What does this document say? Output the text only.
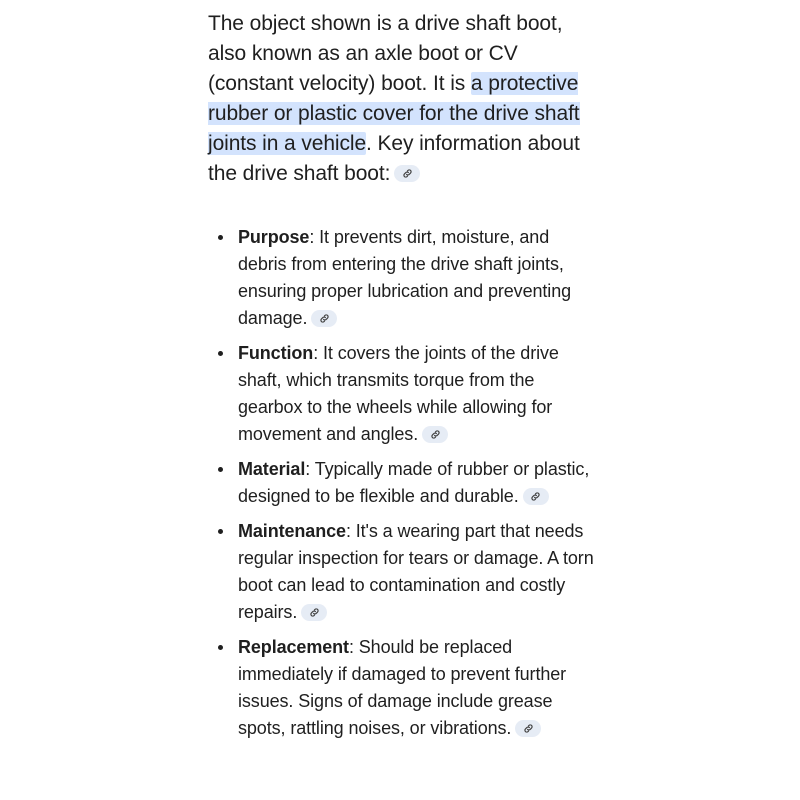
The object shown is a drive shaft boot, also known as an axle boot or CV (constant velocity) boot. It is a protective rubber or plastic cover for the drive shaft joints in a vehicle. Key information about the drive shaft boot:

Purpose: It prevents dirt, moisture, and debris from entering the drive shaft joints, ensuring proper lubrication and preventing damage.
Function: It covers the joints of the drive shaft, which transmits torque from the gearbox to the wheels while allowing for movement and angles.
Material: Typically made of rubber or plastic, designed to be flexible and durable.
Maintenance: It's a wearing part that needs regular inspection for tears or damage. A torn boot can lead to contamination and costly repairs.
Replacement: Should be replaced immediately if damaged to prevent further issues. Signs of damage include grease spots, rattling noises, or vibrations.
